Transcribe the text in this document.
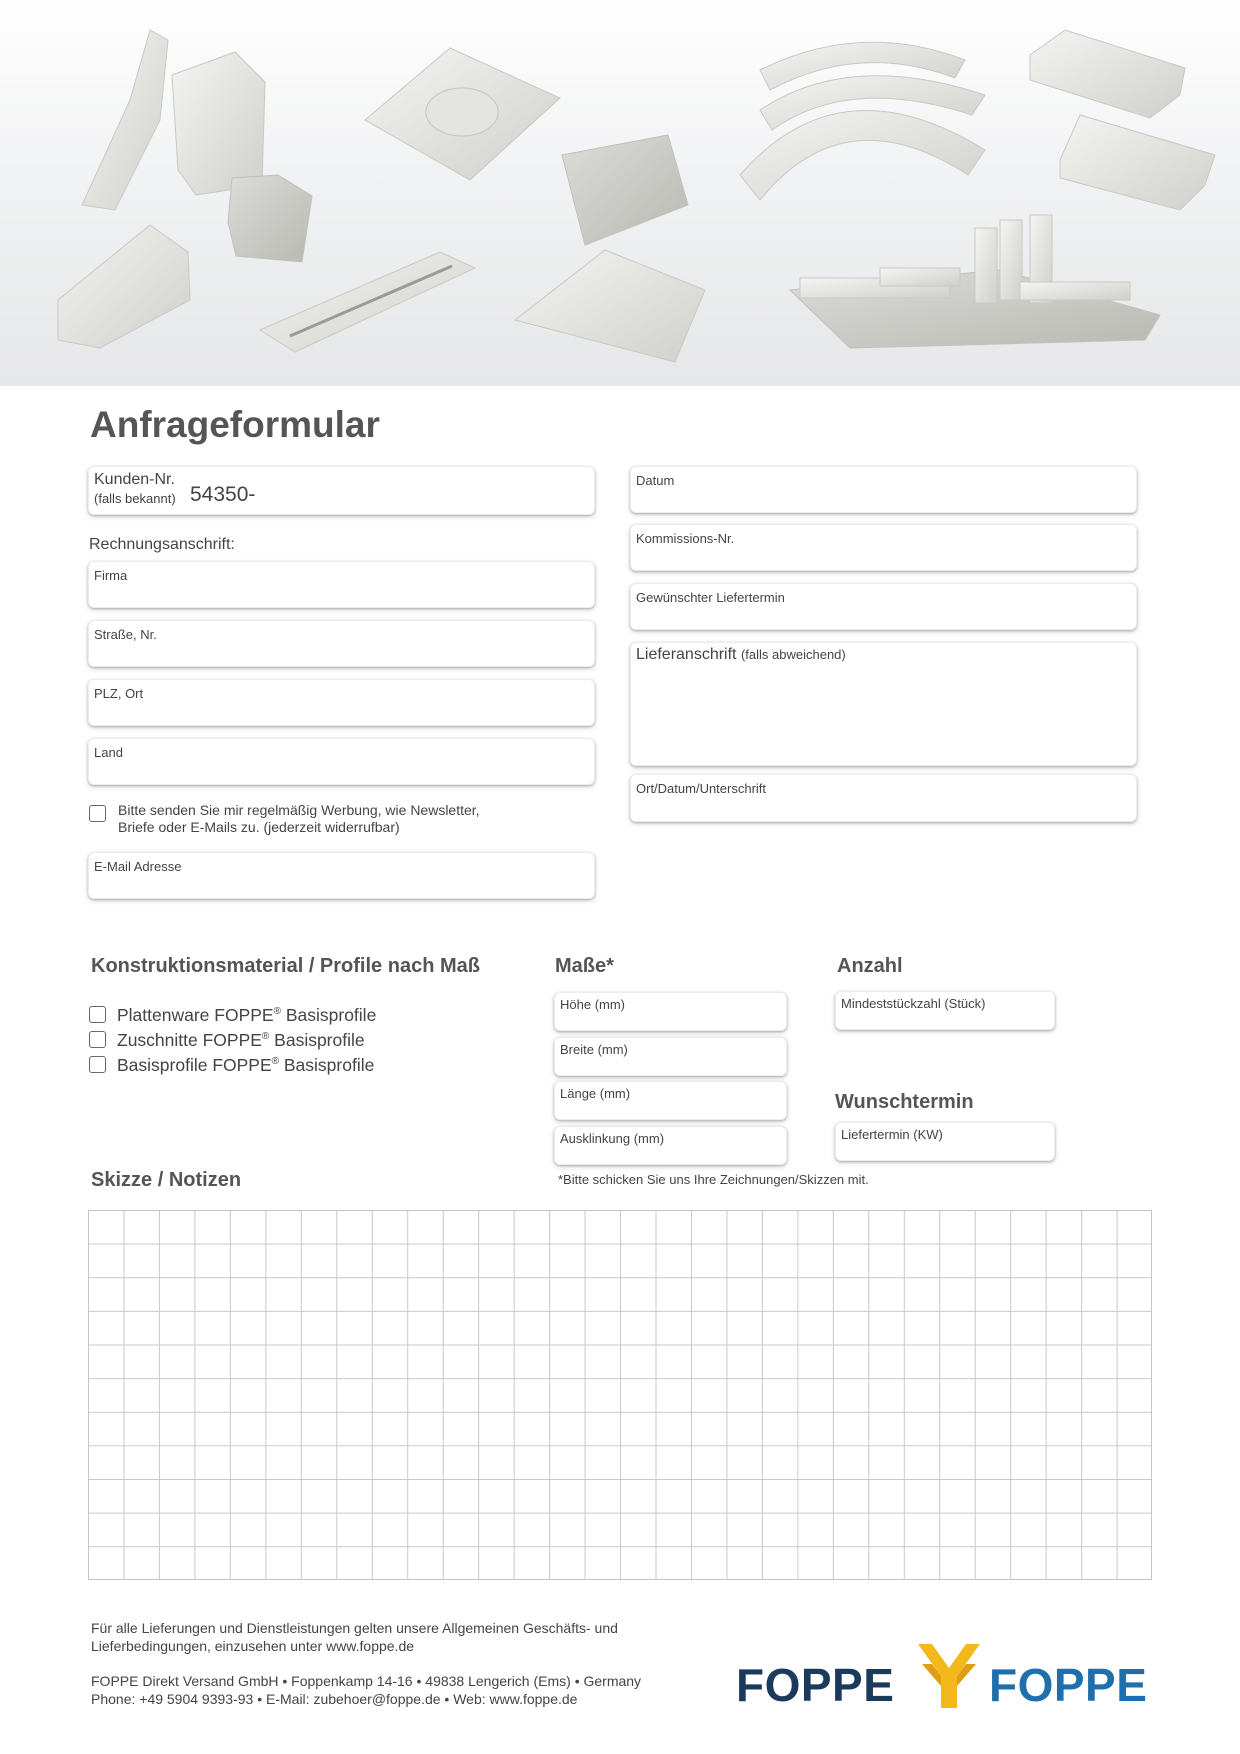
Anfrageformular
Kunden-Nr.
(falls bekannt) 54350-
Rechnungsanschrift:
Firma
Straße, Nr.
PLZ, Ort
Land
Bitte senden Sie mir regelmäßig Werbung, wie Newsletter,
Briefe oder E-Mails zu. (jederzeit widerrufbar)
E-Mail Adresse
Datum
Kommissions-Nr.
Gewünschter Liefertermin
Lieferanschrift (falls abweichend)
Ort/Datum/Unterschrift
Konstruktionsmaterial / Profile nach Maß
Plattenware FOPPE® Basisprofile
Zuschnitte FOPPE® Basisprofile
Basisprofile FOPPE® Basisprofile
Maße*
Höhe (mm)
Breite (mm)
Länge (mm)
Ausklinkung (mm)
*Bitte schicken Sie uns Ihre Zeichnungen/Skizzen mit.
Anzahl
Mindeststückzahl (Stück)
Wunschtermin
Liefertermin (KW)
Skizze / Notizen
Für alle Lieferungen und Dienstleistungen gelten unsere Allgemeinen Geschäfts- und
Lieferbedingungen, einzusehen unter www.foppe.de
FOPPE Direkt Versand GmbH • Foppenkamp 14-16 • 49838 Lengerich (Ems) • Germany
Phone: +49 5904 9393-93 • E-Mail: zubehoer@foppe.de • Web: www.foppe.de	FOPPE FOPPE
